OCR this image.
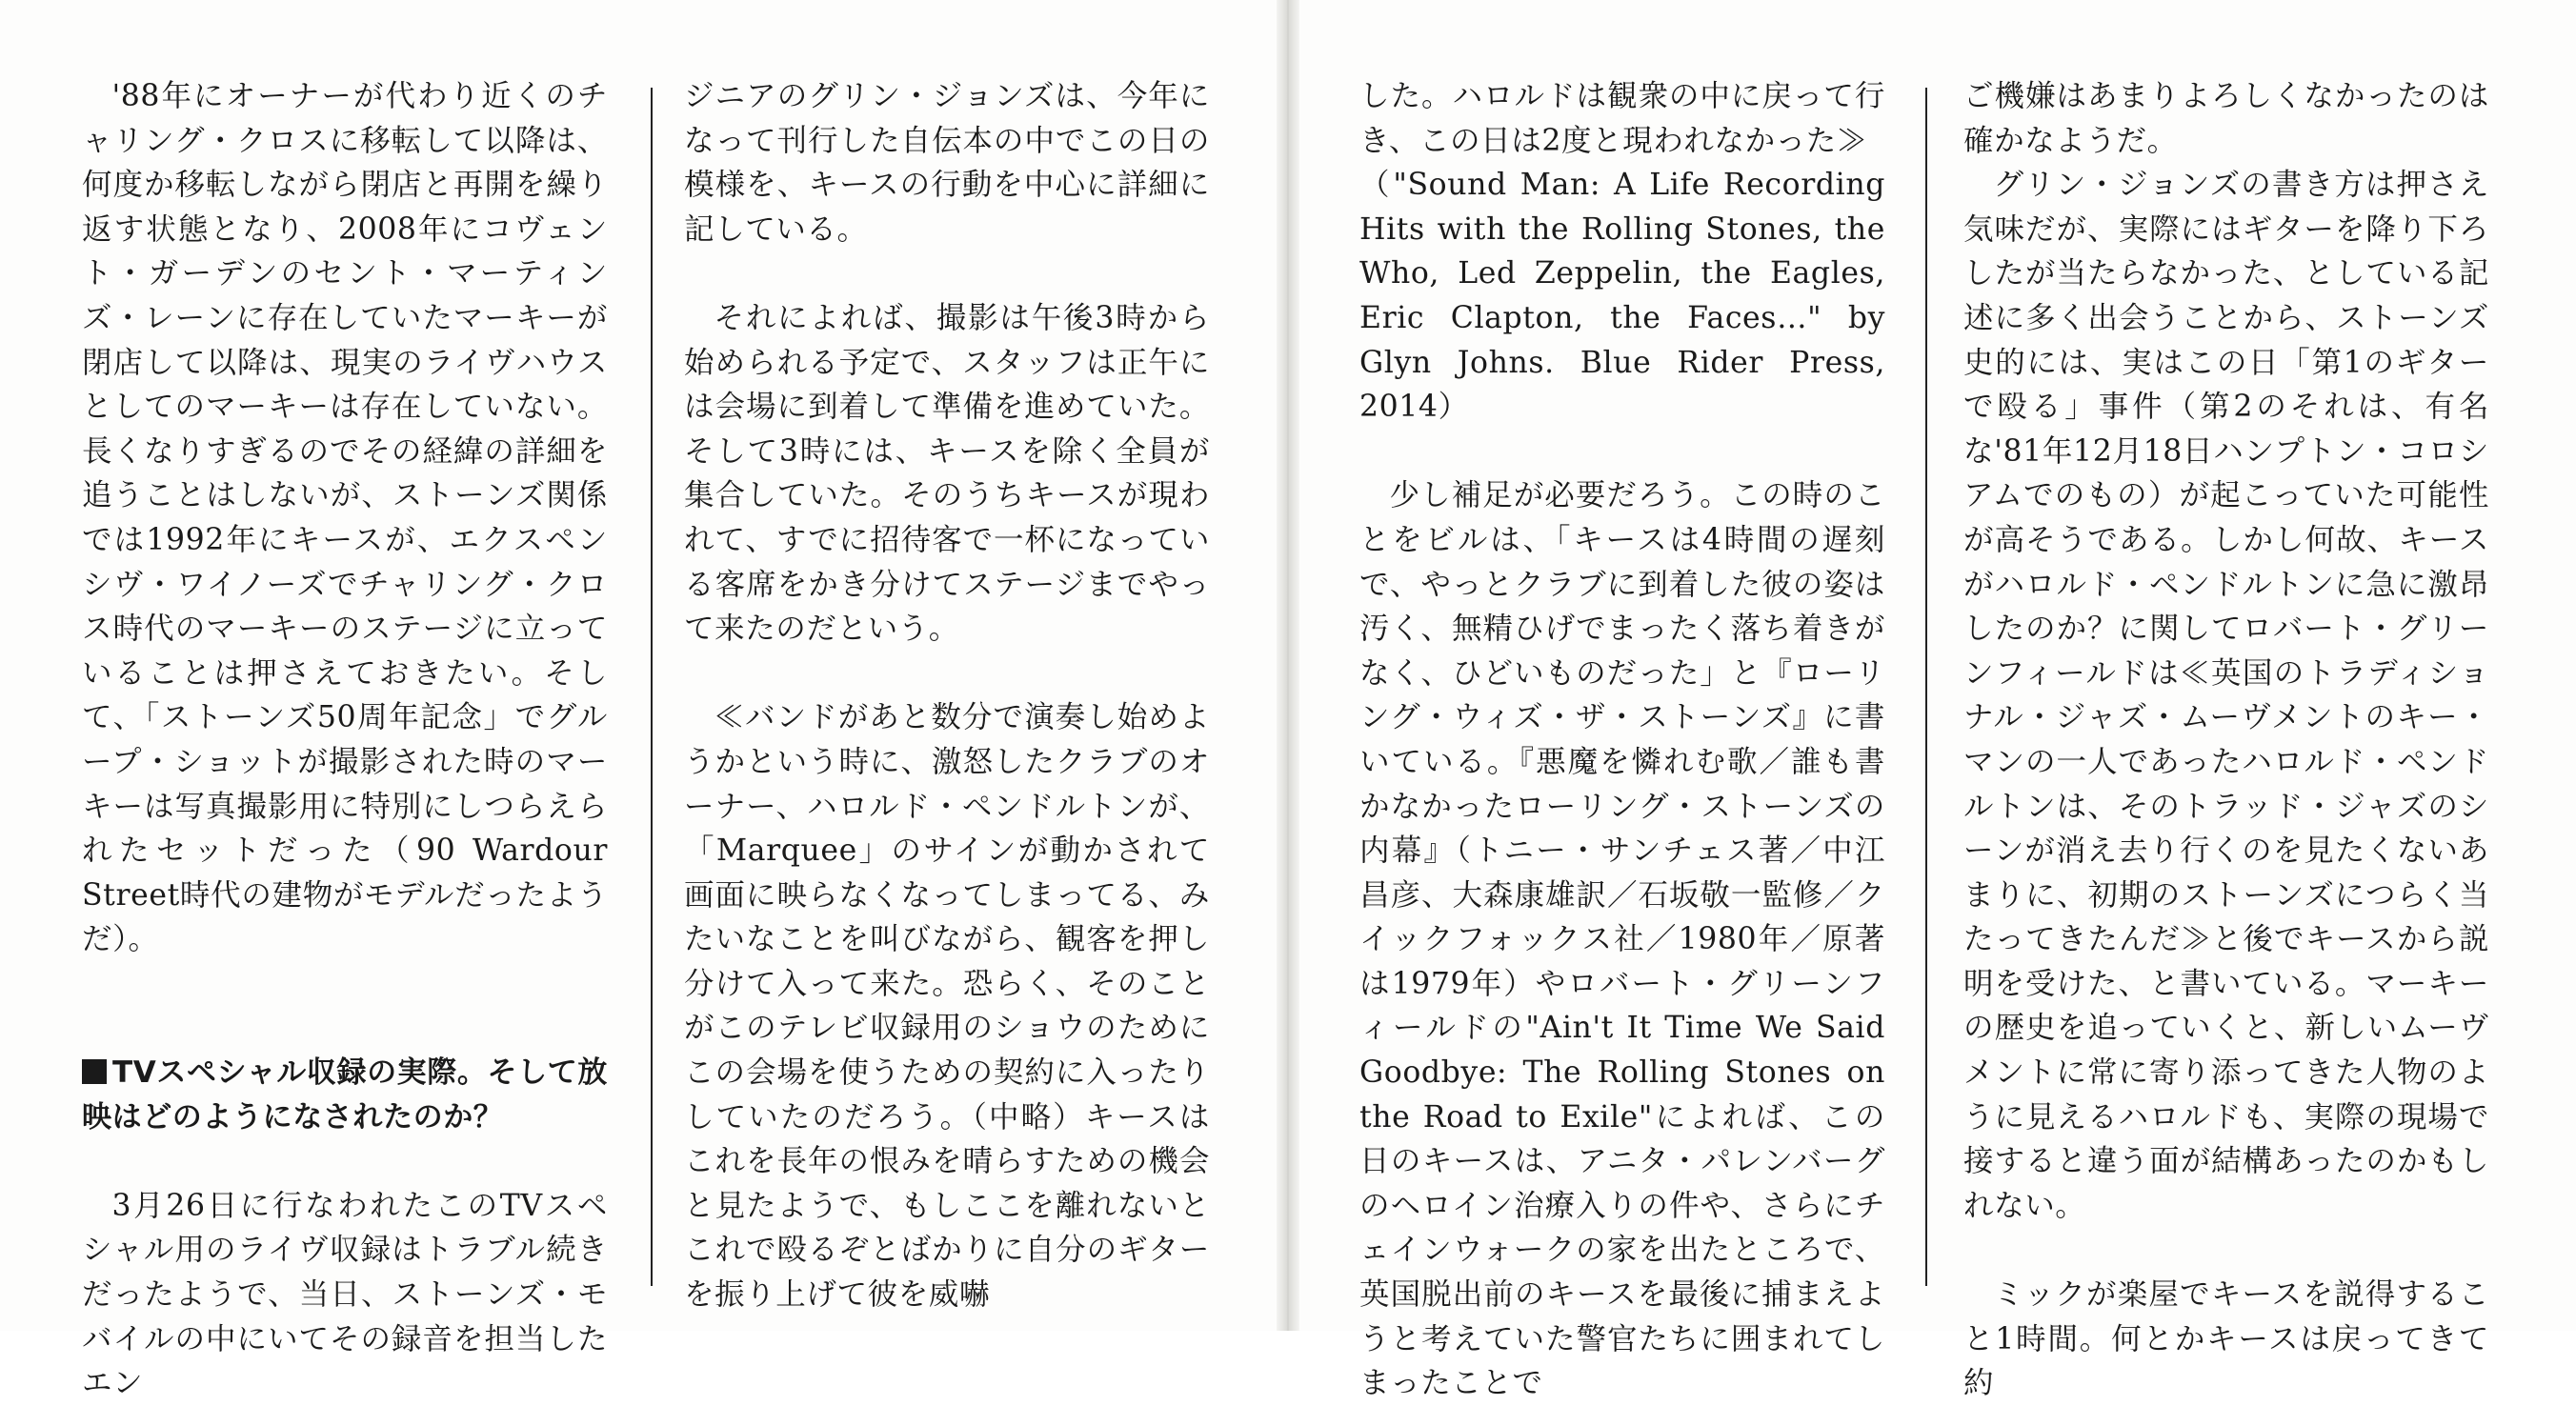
'88年にオーナーが代わり近くのチャリング・クロスに移転して以降は、何度か移転しながら閉店と再開を繰り返す状態となり、2008年にコヴェント・ガーデンのセント・マーティンズ・レーンに存在していたマーキーが閉店して以降は、現実のライヴハウスとしてのマーキーは存在していない。長くなりすぎるのでその経緯の詳細を追うことはしないが、ストーンズ関係では1992年にキースが、エクスペンシヴ・ワイノーズでチャリング・クロス時代のマーキーのステージに立っていることは押さえておきたい。そして、「ストーンズ50周年記念」でグループ・ショットが撮影された時のマーキーは写真撮影用に特別にしつらえられたセットだった（90 Wardour Street時代の建物がモデルだったようだ）。

TVスペシャル収録の実際。そして放映はどのようになされたのか？

3月26日に行なわれたこのTVスペシャル用のライヴ収録はトラブル続きだったようで、当日、ストーンズ・モバイルの中にいてその録音を担当したエン

ジニアのグリン・ジョンズは、今年になって刊行した自伝本の中でこの日の模様を、キースの行動を中心に詳細に記している。

それによれば、撮影は午後3時から始められる予定で、スタッフは正午には会場に到着して準備を進めていた。そして3時には、キースを除く全員が集合していた。そのうちキースが現われて、すでに招待客で一杯になっている客席をかき分けてステージまでやって来たのだという。

≪バンドがあと数分で演奏し始めようかという時に、激怒したクラブのオーナー、ハロルド・ペンドルトンが、「Marquee」のサインが動かされて画面に映らなくなってしまってる、みたいなことを叫びながら、観客を押し分けて入って来た。恐らく、そのことがこのテレビ収録用のショウのためにこの会場を使うための契約に入ったりしていたのだろう。（中略）キースはこれを長年の恨みを晴らすための機会と見たようで、もしここを離れないとこれで殴るぞとばかりに自分のギターを振り上げて彼を威嚇

した。ハロルドは観衆の中に戻って行き、この日は2度と現われなかった≫

（"Sound Man: A Life Recording Hits with the Rolling Stones, the Who, Led Zeppelin, the Eagles, Eric Clapton, the Faces…" by Glyn Johns. Blue Rider Press, 2014）

少し補足が必要だろう。この時のことをビルは、「キースは4時間の遅刻で、やっとクラブに到着した彼の姿は汚く、無精ひげでまったく落ち着きがなく、ひどいものだった」と『ローリング・ウィズ・ザ・ストーンズ』に書いている。『悪魔を憐れむ歌／誰も書かなかったローリング・ストーンズの内幕』（トニー・サンチェス著／中江昌彦、大森康雄訳／石坂敬一監修／クイックフォックス社／1980年／原著は1979年）やロバート・グリーンフィールドの"Ain't It Time We Said Goodbye: The Rolling Stones on the Road to Exile"によれば、この日のキースは、アニタ・パレンバーグのヘロイン治療入りの件や、さらにチェインウォークの家を出たところで、英国脱出前のキースを最後に捕まえようと考えていた警官たちに囲まれてしまったことで

ご機嫌はあまりよろしくなかったのは確かなようだ。

グリン・ジョンズの書き方は押さえ気味だが、実際にはギターを降り下ろしたが当たらなかった、としている記述に多く出会うことから、ストーンズ史的には、実はこの日「第1のギターで殴る」事件（第2のそれは、有名な'81年12月18日ハンプトン・コロシアムでのもの）が起こっていた可能性が高そうである。しかし何故、キースがハロルド・ペンドルトンに急に激昂したのか？に関してロバート・グリーンフィールドは≪英国のトラディショナル・ジャズ・ムーヴメントのキー・マンの一人であったハロルド・ペンドルトンは、そのトラッド・ジャズのシーンが消え去り行くのを見たくないあまりに、初期のストーンズにつらく当たってきたんだ≫と後でキースから説明を受けた、と書いている。マーキーの歴史を追っていくと、新しいムーヴメントに常に寄り添ってきた人物のように見えるハロルドも、実際の現場で接すると違う面が結構あったのかもしれない。

ミックが楽屋でキースを説得すること1時間。何とかキースは戻ってきて約
